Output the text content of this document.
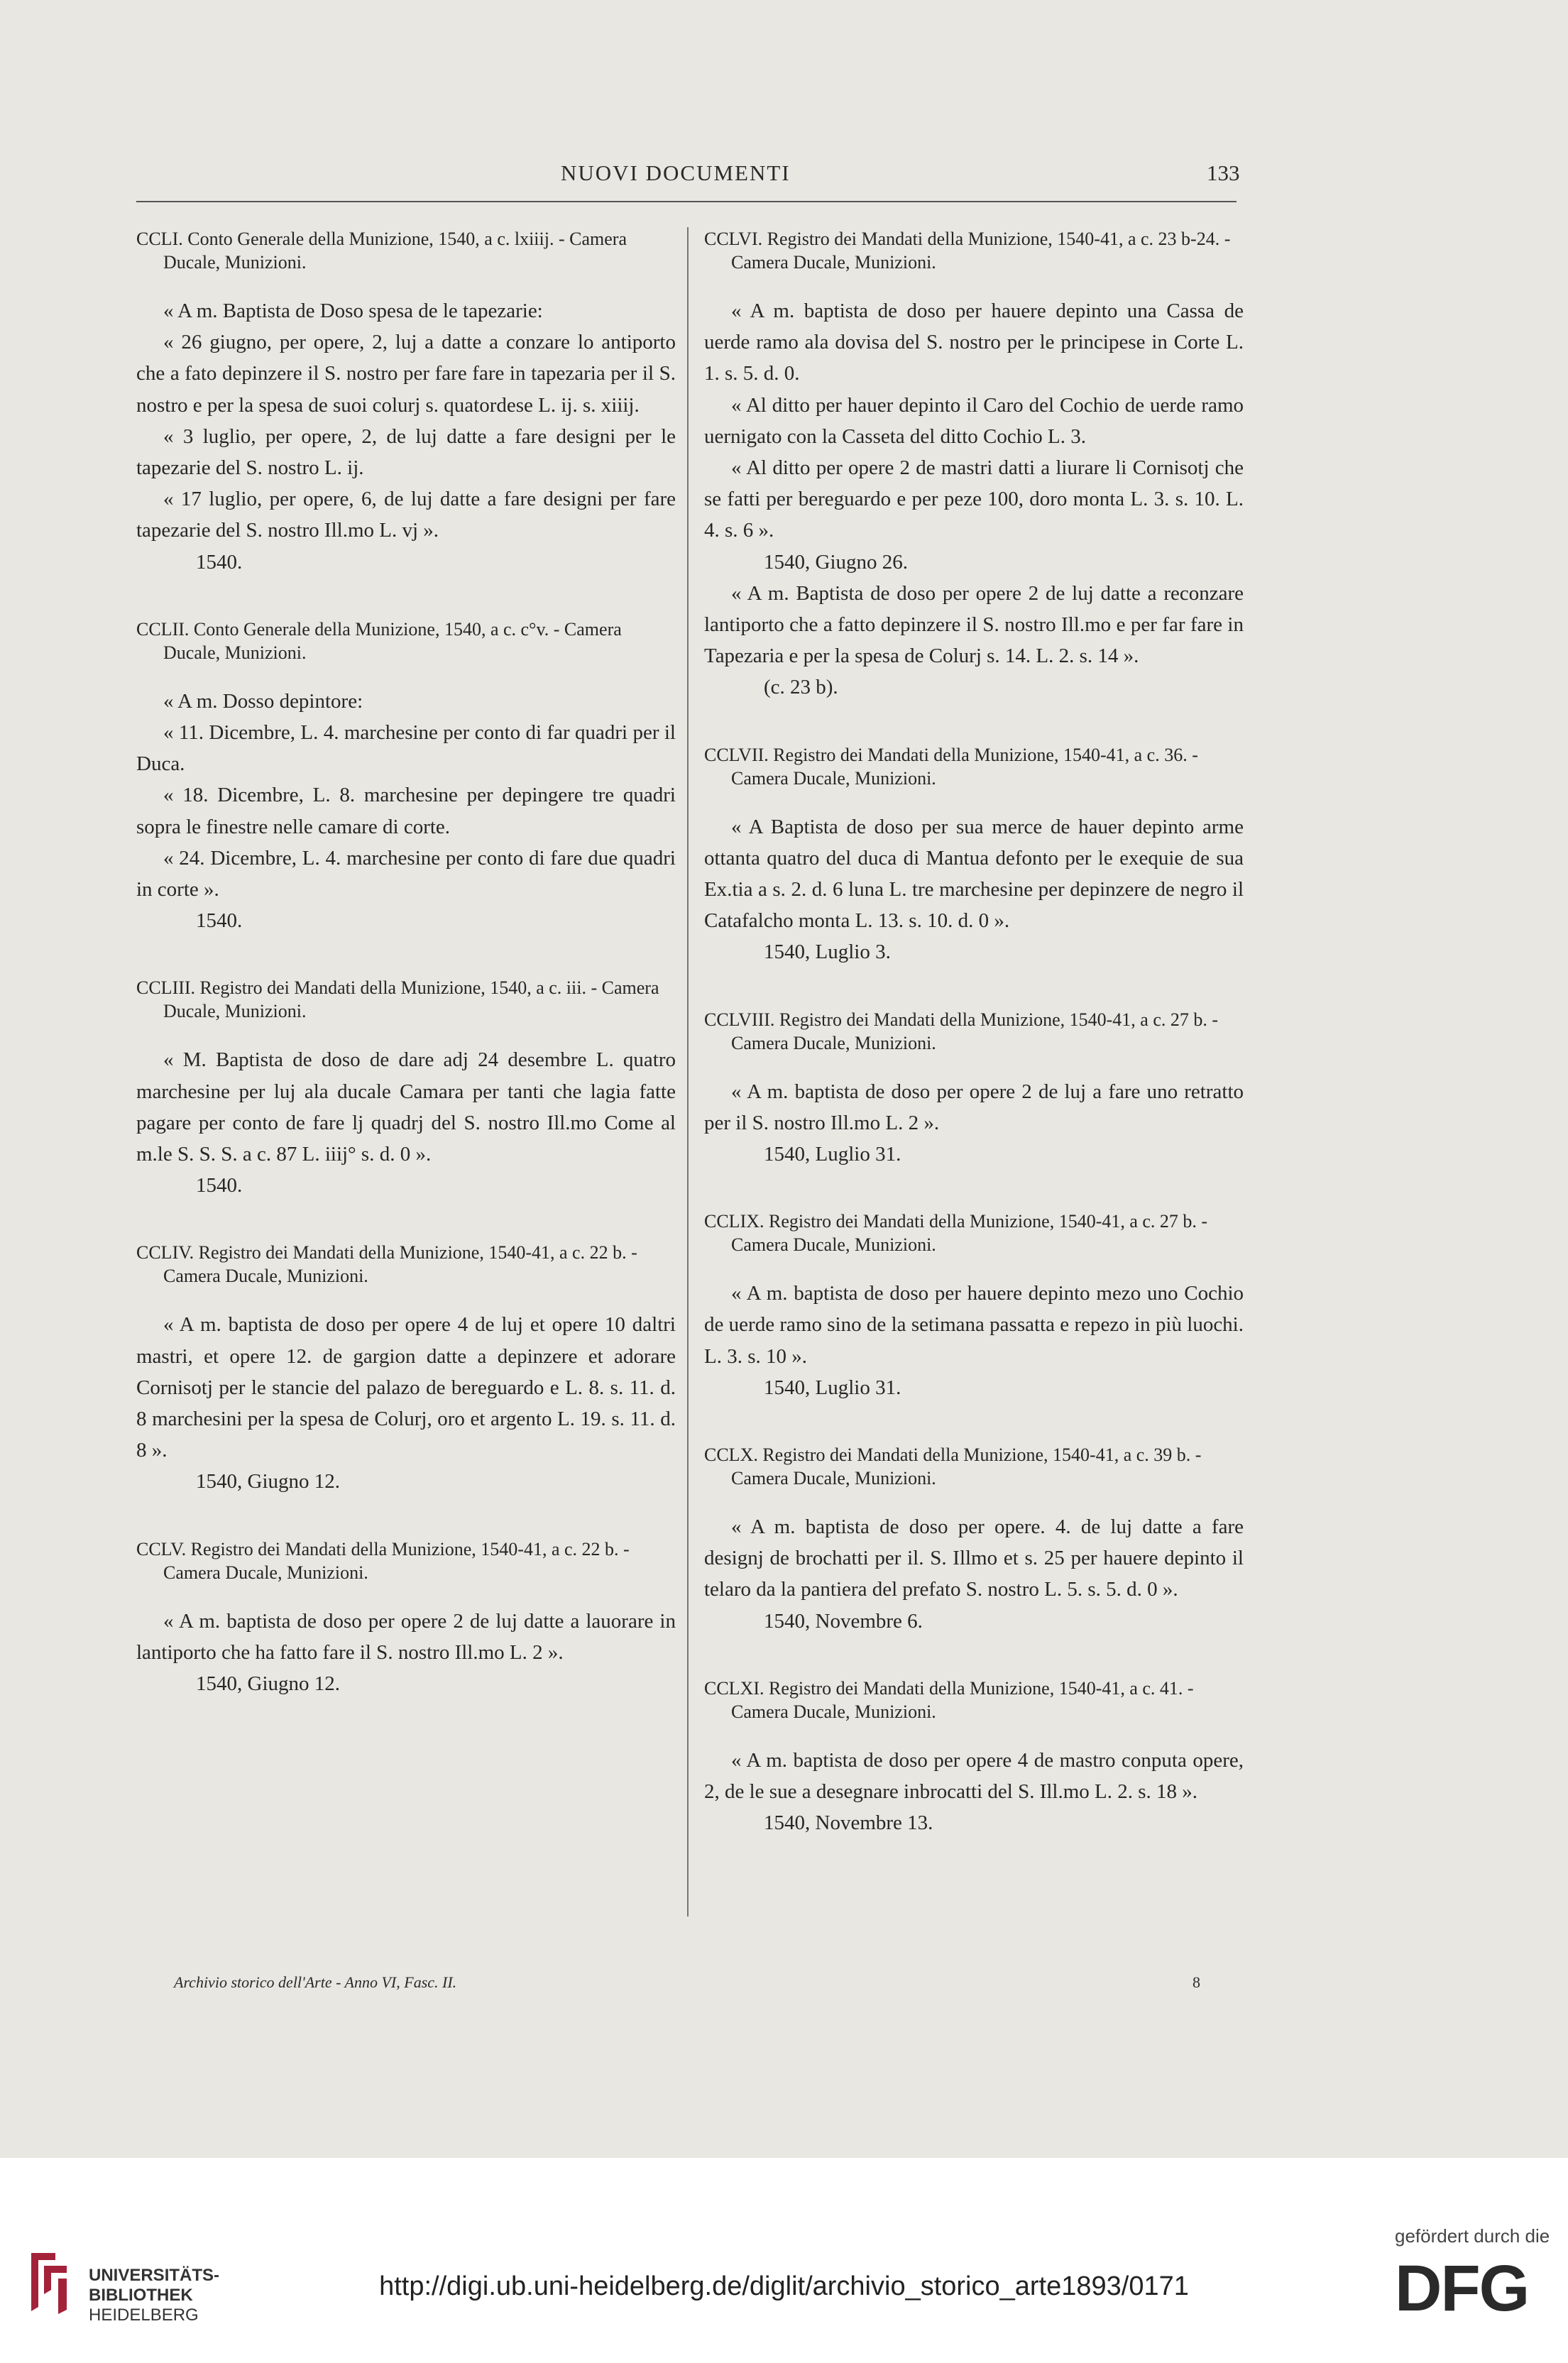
NUOVI DOCUMENTI	133

CCLI. Conto Generale della Munizione, 1540, a c. lxiiij. - Camera Ducale, Munizioni.

« A m. Baptista de Doso spesa de le tapezarie:

« 26 giugno, per opere, 2, luj a datte a conzare lo antiporto che a fato depinzere il S. nostro per fare fare in tapezaria per il S. nostro e per la spesa de suoi colurj s. quatordese L. ij. s. xiiij.

« 3 luglio, per opere, 2, de luj datte a fare designi per le tapezarie del S. nostro L. ij.

« 17 luglio, per opere, 6, de luj datte a fare designi per fare tapezarie del S. nostro Ill.mo L. vj ».

1540.

CCLII. Conto Generale della Munizione, 1540, a c. c°v. - Camera Ducale, Munizioni.

« A m. Dosso depintore:

« 11. Dicembre, L. 4. marchesine per conto di far quadri per il Duca.

« 18. Dicembre, L. 8. marchesine per depingere tre quadri sopra le finestre nelle camare di corte.

« 24. Dicembre, L. 4. marchesine per conto di fare due quadri in corte ».

1540.

CCLIII. Registro dei Mandati della Munizione, 1540, a c. iii. - Camera Ducale, Munizioni.

« M. Baptista de doso de dare adj 24 desembre L. quatro marchesine per luj ala ducale Camara per tanti che lagia fatte pagare per conto de fare lj quadrj del S. nostro Ill.mo Come al m.le S. S. S. a c. 87 L. iiij° s. d. 0 ».

1540.

CCLIV. Registro dei Mandati della Munizione, 1540-41, a c. 22 b. - Camera Ducale, Munizioni.

« A m. baptista de doso per opere 4 de luj et opere 10 daltri mastri, et opere 12. de gargion datte a depinzere et adorare Cornisotj per le stancie del palazo de bereguardo e L. 8. s. 11. d. 8 marchesini per la spesa de Colurj, oro et argento L. 19. s. 11. d. 8 ».

1540, Giugno 12.

CCLV. Registro dei Mandati della Munizione, 1540-41, a c. 22 b. - Camera Ducale, Munizioni.

« A m. baptista de doso per opere 2 de luj datte a lauorare in lantiporto che ha fatto fare il S. nostro Ill.mo L. 2 ».

1540, Giugno 12.

CCLVI. Registro dei Mandati della Munizione, 1540-41, a c. 23 b-24. - Camera Ducale, Munizioni.

« A m. baptista de doso per hauere depinto una Cassa de uerde ramo ala dovisa del S. nostro per le principese in Corte L. 1. s. 5. d. 0.

« Al ditto per hauer depinto il Caro del Cochio de uerde ramo uernigato con la Casseta del ditto Cochio L. 3.

« Al ditto per opere 2 de mastri datti a liurare li Cornisotj che se fatti per bereguardo e per peze 100, doro monta L. 3. s. 10. L. 4. s. 6 ».

1540, Giugno 26.

« A m. Baptista de doso per opere 2 de luj datte a reconzare lantiporto che a fatto depinzere il S. nostro Ill.mo e per far fare in Tapezaria e per la spesa de Colurj s. 14. L. 2. s. 14 ».

(c. 23 b).

CCLVII. Registro dei Mandati della Munizione, 1540-41, a c. 36. - Camera Ducale, Munizioni.

« A Baptista de doso per sua merce de hauer depinto arme ottanta quatro del duca di Mantua defonto per le exequie de sua Ex.tia a s. 2. d. 6 luna L. tre marchesine per depinzere de negro il Catafalcho monta L. 13. s. 10. d. 0 ».

1540, Luglio 3.

CCLVIII. Registro dei Mandati della Munizione, 1540-41, a c. 27 b. - Camera Ducale, Munizioni.

« A m. baptista de doso per opere 2 de luj a fare uno retratto per il S. nostro Ill.mo L. 2 ».

1540, Luglio 31.

CCLIX. Registro dei Mandati della Munizione, 1540-41, a c. 27 b. - Camera Ducale, Munizioni.

« A m. baptista de doso per hauere depinto mezo uno Cochio de uerde ramo sino de la setimana passatta e repezo in più luochi. L. 3. s. 10 ».

1540, Luglio 31.

CCLX. Registro dei Mandati della Munizione, 1540-41, a c. 39 b. - Camera Ducale, Munizioni.

« A m. baptista de doso per opere. 4. de luj datte a fare designj de brochatti per il. S. Illmo et s. 25 per hauere depinto il telaro da la pantiera del prefato S. nostro L. 5. s. 5. d. 0 ».

1540, Novembre 6.

CCLXI. Registro dei Mandati della Munizione, 1540-41, a c. 41. - Camera Ducale, Munizioni.

« A m. baptista de doso per opere 4 de mastro conputa opere, 2, de le sue a desegnare inbrocatti del S. Ill.mo L. 2. s. 18 ».

1540, Novembre 13.

Archivio storico dell'Arte - Anno VI, Fasc. II.	8
UNIVERSITÄTS-
BIBLIOTHEK
HEIDELBERG
http://digi.ub.uni-heidelberg.de/diglit/archivio_storico_arte1893/0171
gefördert durch die
DFG
